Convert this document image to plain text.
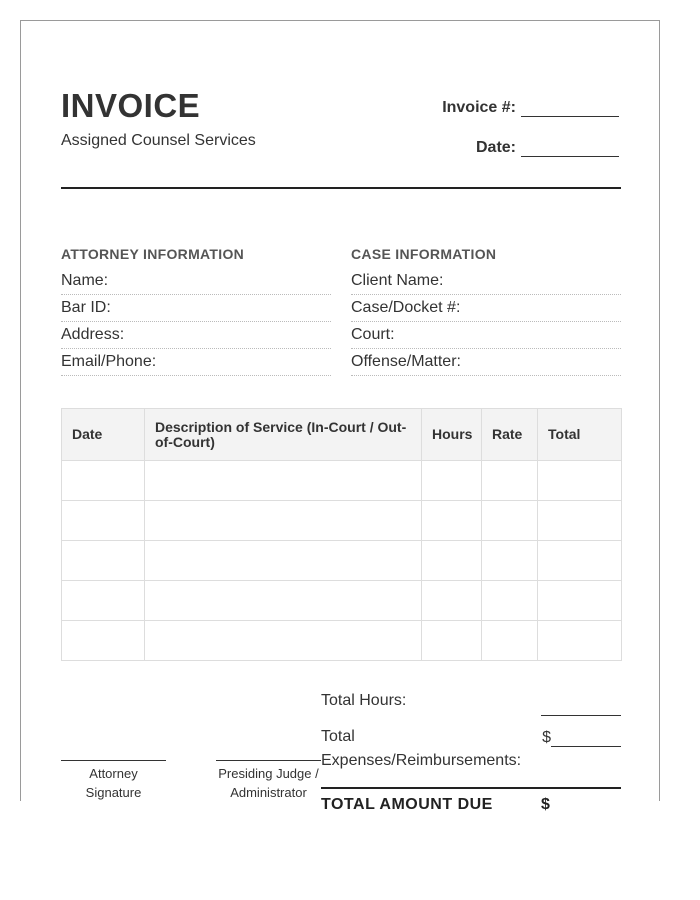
INVOICE
Assigned Counsel Services
Invoice #:
Date:
ATTORNEY INFORMATION
Name:
Bar ID:
Address:
Email/Phone:
CASE INFORMATION
Client Name:
Case/Docket #:
Court:
Offense/Matter:
Date	Description of Service (In-Court / Out-of-Court)	Hours	Rate	Total

Total Hours:
Total Expenses/Reimbursements:
$
TOTAL AMOUNT DUE	$
Attorney Signature
Presiding Judge / Administrator
